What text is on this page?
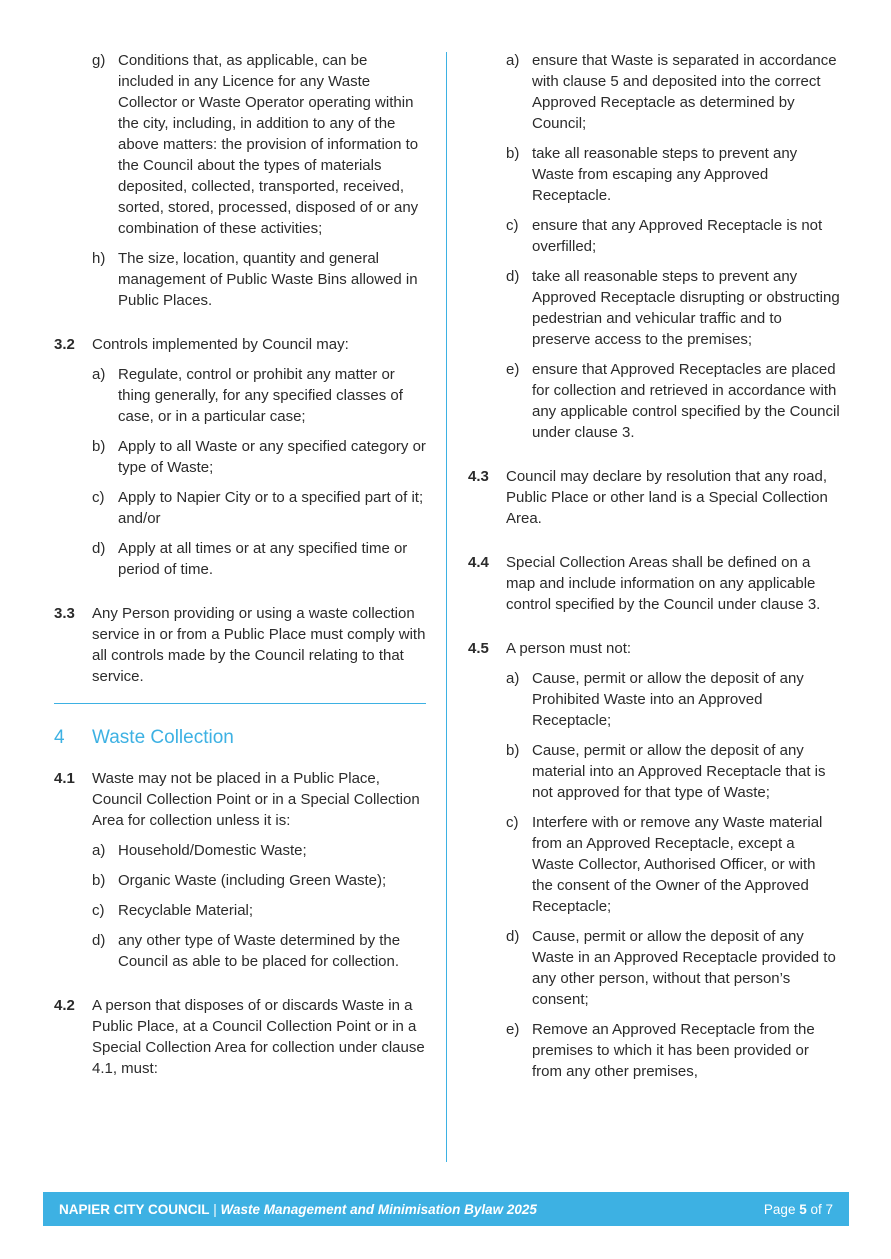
g) Conditions that, as applicable, can be included in any Licence for any Waste Collector or Waste Operator operating within the city, including, in addition to any of the above matters: the provision of information to the Council about the types of materials deposited, collected, transported, received, sorted, stored, processed, disposed of or any combination of these activities;
h) The size, location, quantity and general management of Public Waste Bins allowed in Public Places.
3.2	Controls implemented by Council may:
a) Regulate, control or prohibit any matter or thing generally, for any specified classes of case, or in a particular case;
b) Apply to all Waste or any specified category or type of Waste;
c) Apply to Napier City or to a specified part of it; and/or
d) Apply at all times or at any specified time or period of time.
3.3	Any Person providing or using a waste collection service in or from a Public Place must comply with all controls made by the Council relating to that service.
4	Waste Collection
4.1	Waste may not be placed in a Public Place, Council Collection Point or in a Special Collection Area for collection unless it is:
a) Household/Domestic Waste;
b) Organic Waste (including Green Waste);
c) Recyclable Material;
d) any other type of Waste determined by the Council as able to be placed for collection.
4.2	A person that disposes of or discards Waste in a Public Place, at a Council Collection Point or in a Special Collection Area for collection under clause 4.1, must:
a) ensure that Waste is separated in accordance with clause 5 and deposited into the correct Approved Receptacle as determined by Council;
b) take all reasonable steps to prevent any Waste from escaping any Approved Receptacle.
c) ensure that any Approved Receptacle is not overfilled;
d) take all reasonable steps to prevent any Approved Receptacle disrupting or obstructing pedestrian and vehicular traffic and to preserve access to the premises;
e) ensure that Approved Receptacles are placed for collection and retrieved in accordance with any applicable control specified by the Council under clause 3.
4.3	Council may declare by resolution that any road, Public Place or other land is a Special Collection Area.
4.4	Special Collection Areas shall be defined on a map and include information on any applicable control specified by the Council under clause 3.
4.5	A person must not:
a) Cause, permit or allow the deposit of any Prohibited Waste into an Approved Receptacle;
b) Cause, permit or allow the deposit of any material into an Approved Receptacle that is not approved for that type of Waste;
c) Interfere with or remove any Waste material from an Approved Receptacle, except a Waste Collector, Authorised Officer, or with the consent of the Owner of the Approved Receptacle;
d) Cause, permit or allow the deposit of any Waste in an Approved Receptacle provided to any other person, without that person’s consent;
e) Remove an Approved Receptacle from the premises to which it has been provided or from any other premises,
NAPIER CITY COUNCIL | Waste Management and Minimisation Bylaw 2025	Page 5 of 7
